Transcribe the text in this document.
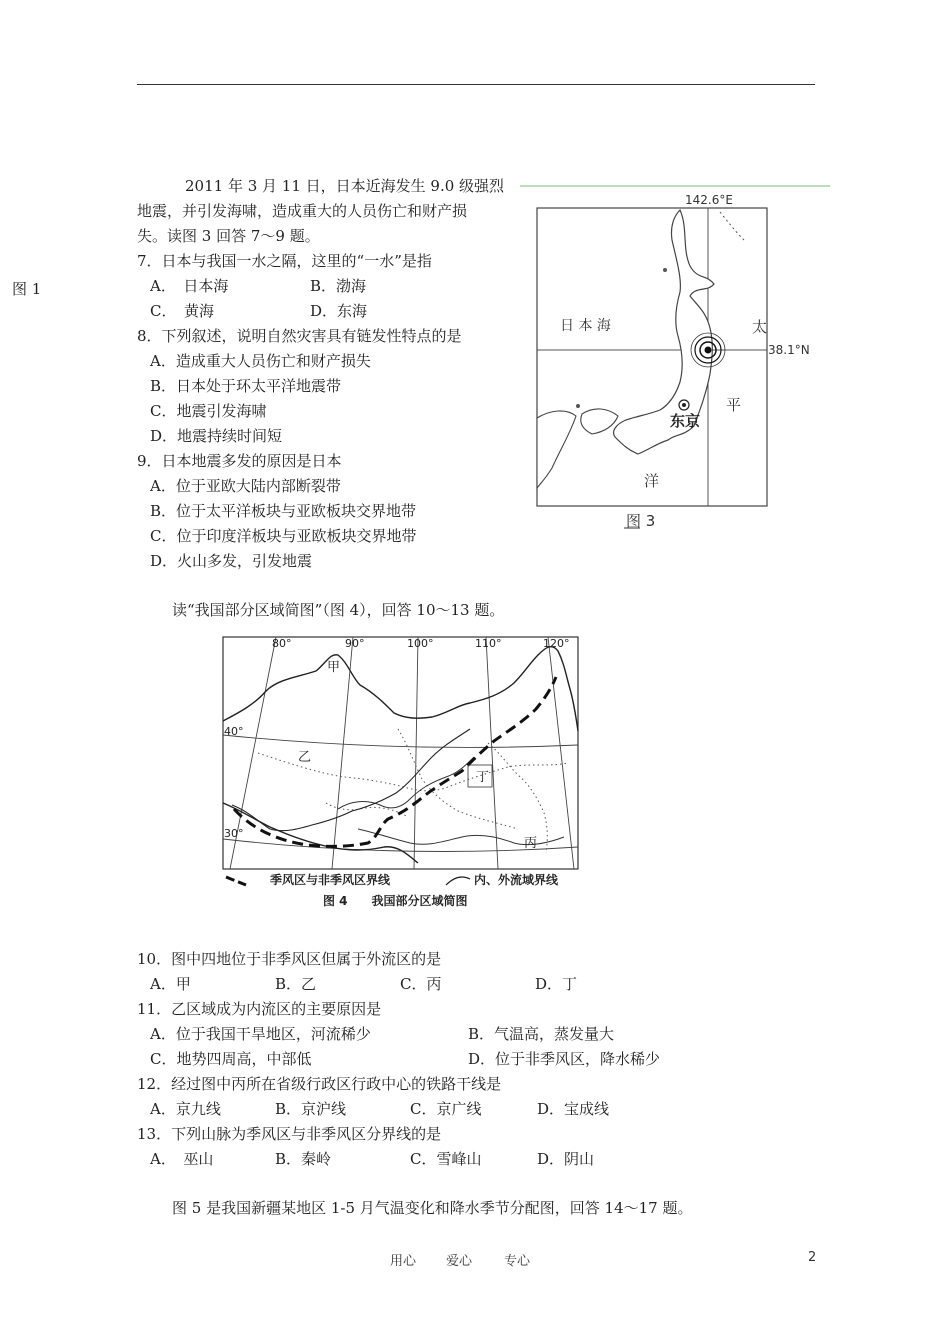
图 1
2011 年 3 月 11 日，日本近海发生 9.0 级强烈
地震，并引发海啸，造成重大的人员伤亡和财产损
失。读图 3 回答 7～9 题。
7．日本与我国一水之隔，这里的“一水”是指
A．　日本海	B．渤海
C．　黄海	D．东海
8．下列叙述，说明自然灾害具有链发性特点的是
A．造成重大人员伤亡和财产损失
B．日本处于环太平洋地震带
C．地震引发海啸
D．地震持续时间短
9．日本地震多发的原因是日本
A．位于亚欧大陆内部断裂带
B．位于太平洋板块与亚欧板块交界地带
C．位于印度洋板块与亚欧板块交界地带
D．火山多发，引发地震
142.6°E
38.1°N
东京
日 本 海	太
平
洋
图 3
读“我国部分区域简图”（图 4），回答 10～13 题。
80°	90°	100°	110°	120°
40°
30°
甲
乙
丙
丁
季风区与非季风区界线	内、外流域界线
图 4　　我国部分区域简图
10．图中四地位于非季风区但属于外流区的是
A．甲	B．乙	C．丙	D．丁
11．乙区域成为内流区的主要原因是
A．位于我国干旱地区，河流稀少	B．气温高，蒸发量大
C．地势四周高，中部低	D．位于非季风区，降水稀少
12．经过图中丙所在省级行政区行政中心的铁路干线是
A．京九线	B．京沪线	C．京广线	D．宝成线
13．下列山脉为季风区与非季风区分界线的是
A．　巫山	B．秦岭	C．雪峰山	D．阴山
图 5 是我国新疆某地区 1-5 月气温变化和降水季节分配图，回答 14～17 题。
用心 爱心 专心	2
